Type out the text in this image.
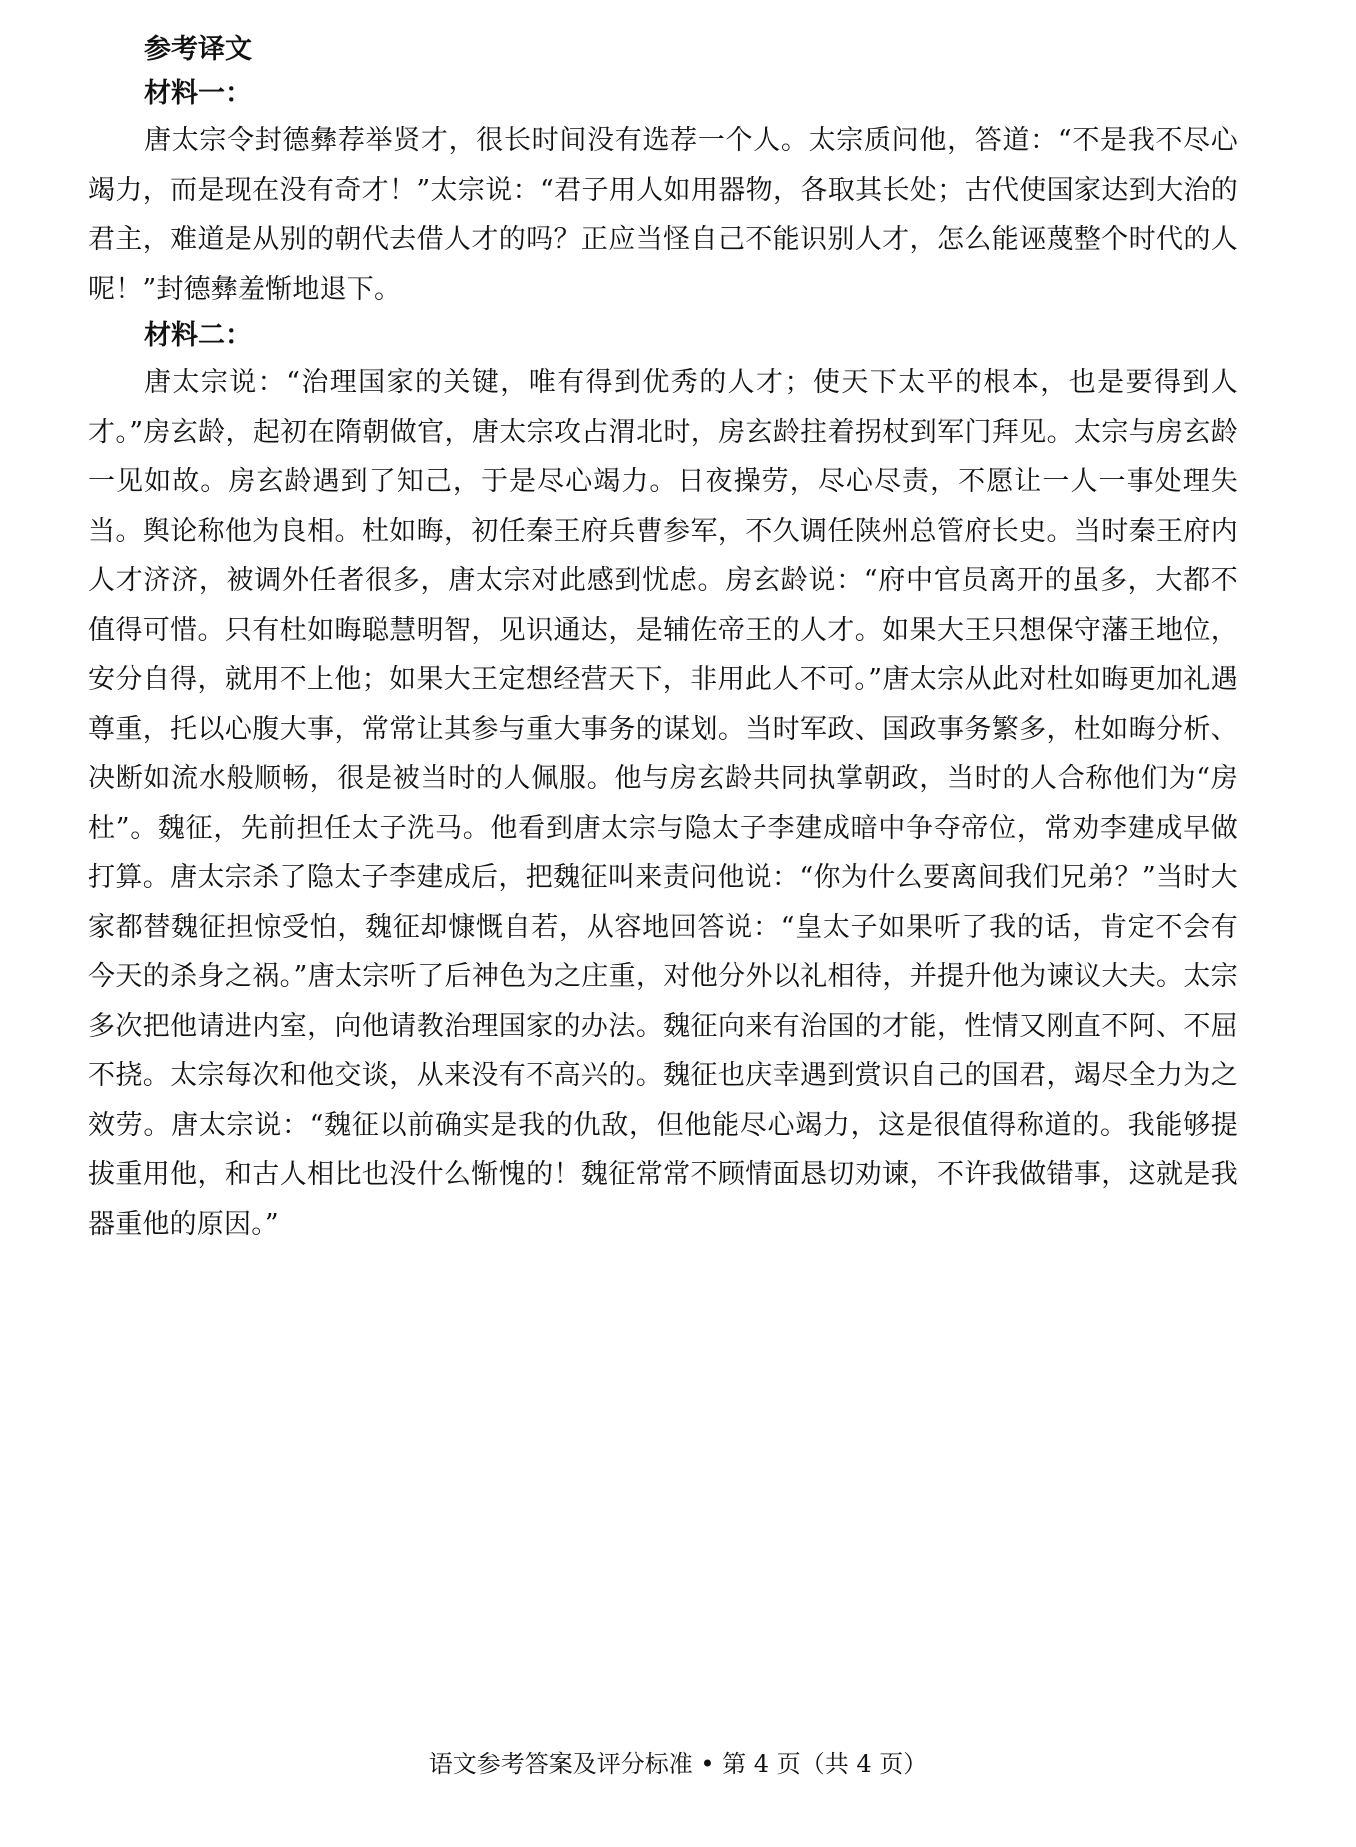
参考译文
材料一：

唐太宗令封德彝荐举贤才，很长时间没有选荐一个人。太宗质问他，答道：“不是我不尽心竭力，而是现在没有奇才！”太宗说：“君子用人如用器物，各取其长处；古代使国家达到大治的君主，难道是从别的朝代去借人才的吗？正应当怪自己不能识别人才，怎么能诬蔑整个时代的人呢！”封德彝羞惭地退下。

材料二：

唐太宗说：“治理国家的关键，唯有得到优秀的人才；使天下太平的根本，也是要得到人才。”房玄龄，起初在隋朝做官，唐太宗攻占渭北时，房玄龄拄着拐杖到军门拜见。太宗与房玄龄一见如故。房玄龄遇到了知己，于是尽心竭力。日夜操劳，尽心尽责，不愿让一人一事处理失当。舆论称他为良相。杜如晦，初任秦王府兵曹参军，不久调任陕州总管府长史。当时秦王府内人才济济，被调外任者很多，唐太宗对此感到忧虑。房玄龄说：“府中官员离开的虽多，大都不值得可惜。只有杜如晦聪慧明智，见识通达，是辅佐帝王的人才。如果大王只想保守藩王地位，安分自得，就用不上他；如果大王定想经营天下，非用此人不可。”唐太宗从此对杜如晦更加礼遇尊重，托以心腹大事，常常让其参与重大事务的谋划。当时军政、国政事务繁多，杜如晦分析、决断如流水般顺畅，很是被当时的人佩服。他与房玄龄共同执掌朝政，当时的人合称他们为“房杜”。魏征，先前担任太子洗马。他看到唐太宗与隐太子李建成暗中争夺帝位，常劝李建成早做打算。唐太宗杀了隐太子李建成后，把魏征叫来责问他说：“你为什么要离间我们兄弟？”当时大家都替魏征担惊受怕，魏征却慷慨自若，从容地回答说：“皇太子如果听了我的话，肯定不会有今天的杀身之祸。”唐太宗听了后神色为之庄重，对他分外以礼相待，并提升他为谏议大夫。太宗多次把他请进内室，向他请教治理国家的办法。魏征向来有治国的才能，性情又刚直不阿、不屈不挠。太宗每次和他交谈，从来没有不高兴的。魏征也庆幸遇到赏识自己的国君，竭尽全力为之效劳。唐太宗说：“魏征以前确实是我的仇敌，但他能尽心竭力，这是很值得称道的。我能够提拔重用他，和古人相比也没什么惭愧的！魏征常常不顾情面恳切劝谏，不许我做错事，这就是我器重他的原因。”

语文参考答案及评分标准 • 第 4 页（共 4 页）
